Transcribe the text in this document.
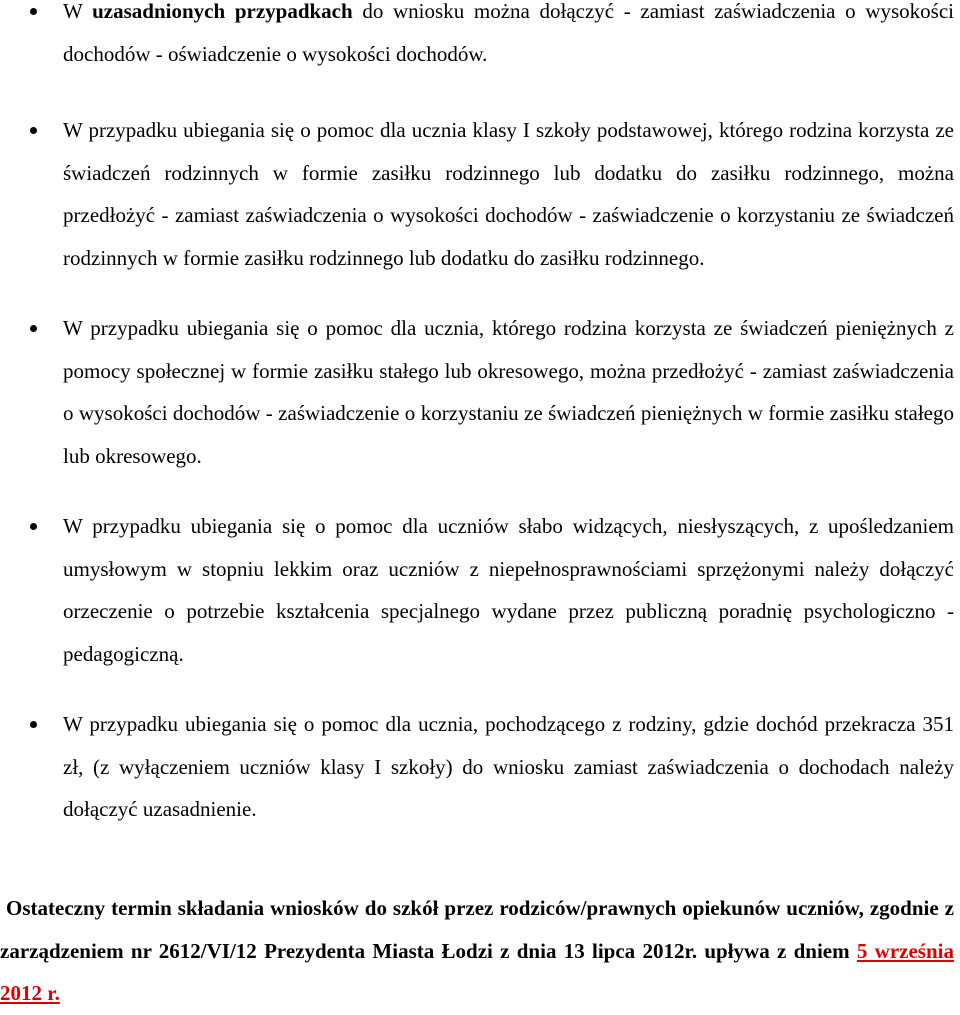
W uzasadnionych przypadkach do wniosku można dołączyć - zamiast zaświadczenia o wysokości dochodów - oświadczenie o wysokości dochodów.
W przypadku ubiegania się o pomoc dla ucznia klasy I szkoły podstawowej, którego rodzina korzysta ze świadczeń rodzinnych w formie zasiłku rodzinnego lub dodatku do zasiłku rodzinnego, można przedłożyć - zamiast zaświadczenia o wysokości dochodów - zaświadczenie o korzystaniu ze świadczeń rodzinnych w formie zasiłku rodzinnego lub dodatku do zasiłku rodzinnego.
W przypadku ubiegania się o pomoc dla ucznia, którego rodzina korzysta ze świadczeń pieniężnych z pomocy społecznej w formie zasiłku stałego lub okresowego, można przedłożyć - zamiast zaświadczenia o wysokości dochodów - zaświadczenie o korzystaniu ze świadczeń pieniężnych w formie zasiłku stałego lub okresowego.
W przypadku ubiegania się o pomoc dla uczniów słabo widzących, niesłyszących, z upośledzaniem umysłowym w stopniu lekkim oraz uczniów z niepełnosprawnościami sprzężonymi należy dołączyć orzeczenie o potrzebie kształcenia specjalnego wydane przez publiczną poradnię psychologiczno - pedagogiczną.
W przypadku ubiegania się o pomoc dla ucznia, pochodzącego z rodziny, gdzie dochód przekracza 351 zł, (z wyłączeniem uczniów klasy I szkoły) do wniosku zamiast zaświadczenia o dochodach należy dołączyć uzasadnienie.

Ostateczny termin składania wniosków do szkół przez rodziców/prawnych opiekunów uczniów, zgodnie z zarządzeniem nr 2612/VI/12 Prezydenta Miasta Łodzi z dnia 13 lipca 2012r. upływa z dniem 5 września 2012 r.
